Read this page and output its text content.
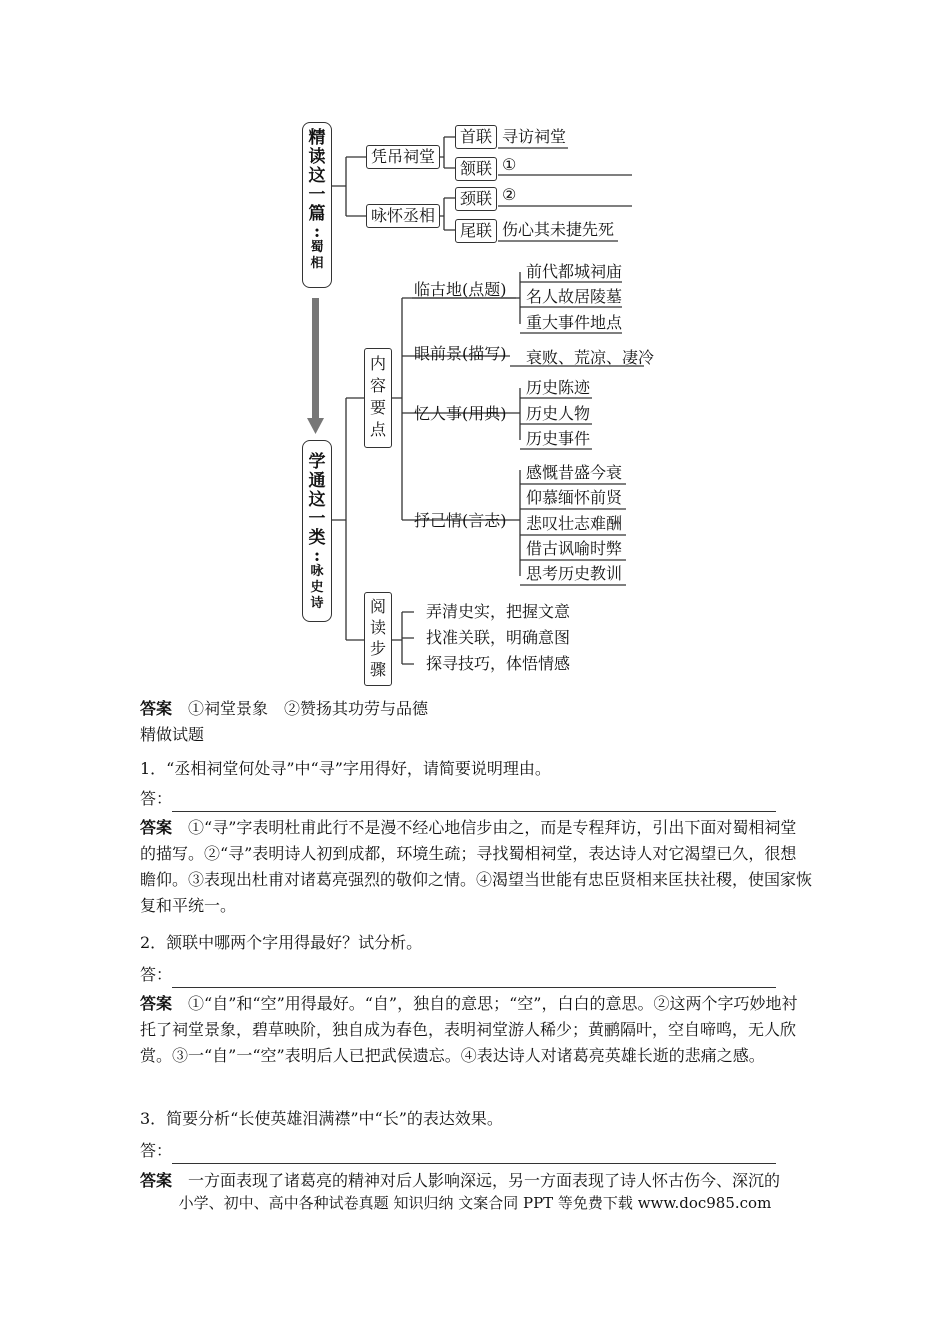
精读这一篇
:
蜀相
学通这一类
:
咏史诗
凭吊祠堂
咏怀丞相
首联 寻访祠堂
颔联 ①
颈联 ②
尾联 伤心其未捷先死
内
容
要
点
阅
读
步
骤
临古地(点题)
眼前景(描写)
忆人事(用典)
抒己情(言志)
前代都城祠庙
名人故居陵墓
重大事件地点
衰败、荒凉、凄冷
历史陈迹
历史人物
历史事件
感慨昔盛今衰
仰慕缅怀前贤
悲叹壮志难酬
借古讽喻时弊
思考历史教训
弄清史实，把握文意
找准关联，明确意图
探寻技巧，体悟情感
答案　 ①祠堂景象　②赞扬其功劳与品德
精做试题
1．“丞相祠堂何处寻”中“寻”字用得好，请简要说明理由。
答：
答案　 ①“寻”字表明杜甫此行不是漫不经心地信步由之，而是专程拜访，引出下面对蜀相祠堂的描写。②“寻”表明诗人初到成都，环境生疏；寻找蜀相祠堂，表达诗人对它渴望已久，很想瞻仰。③表现出杜甫对诸葛亮强烈的敬仰之情。④渴望当世能有忠臣贤相来匡扶社稷，使国家恢复和平统一。
2．颔联中哪两个字用得最好？试分析。
答：
答案　 ①“自”和“空”用得最好。“自”，独自的意思；“空”，白白的意思。②这两个字巧妙地衬托了祠堂景象，碧草映阶，独自成为春色，表明祠堂游人稀少；黄鹂隔叶，空自啼鸣，无人欣赏。③一“自”一“空”表明后人已把武侯遗忘。④表达诗人对诸葛亮英雄长逝的悲痛之感。
3．简要分析“长使英雄泪满襟”中“长”的表达效果。
答：
答案　 一方面表现了诸葛亮的精神对后人影响深远，另一方面表现了诗人怀古伤今、深沉的
小学、初中、高中各种试卷真题 知识归纳 文案合同 PPT 等免费下载 www.doc985.com
